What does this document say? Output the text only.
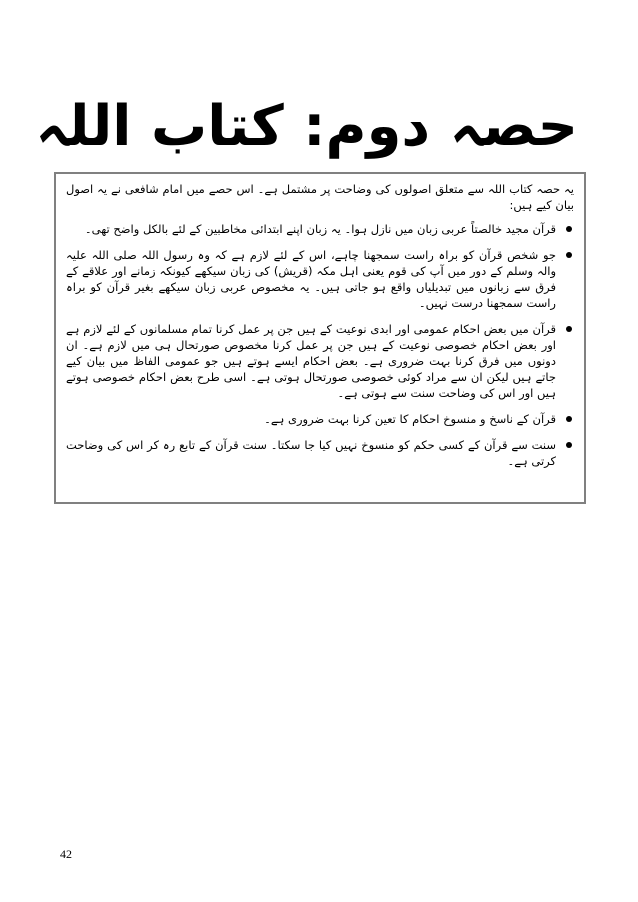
حصہ دوم: کتاب اللہ

یہ حصہ کتاب اللہ سے متعلق اصولوں کی وضاحت پر مشتمل ہے۔ اس حصے میں امام شافعی نے یہ اصول بیان کیے ہیں:

قرآن مجید خالصتاً عربی زبان میں نازل ہوا۔ یہ زبان اپنے ابتدائی مخاطبین کے لئے بالکل واضح تھی۔
جو شخص قرآن کو براہ راست سمجھنا چاہے، اس کے لئے لازم ہے کہ وہ رسول اللہ صلی اللہ علیہ والہ وسلم کے دور میں آپ کی قوم یعنی اہل مکہ (قریش) کی زبان سیکھے کیونکہ زمانے اور علاقے کے فرق سے زبانوں میں تبدیلیاں واقع ہو جاتی ہیں۔ یہ مخصوص عربی زبان سیکھے بغیر قرآن کو براہ راست سمجھنا درست نہیں۔
قرآن میں بعض احکام عمومی اور ابدی نوعیت کے ہیں جن پر عمل کرنا تمام مسلمانوں کے لئے لازم ہے اور بعض احکام خصوصی نوعیت کے ہیں جن پر عمل کرنا مخصوص صورتحال ہی میں لازم ہے۔ ان دونوں میں فرق کرنا بہت ضروری ہے۔ بعض احکام ایسے ہوتے ہیں جو عمومی الفاظ میں بیان کیے جاتے ہیں لیکن ان سے مراد کوئی خصوصی صورتحال ہوتی ہے۔ اسی طرح بعض احکام خصوصی ہوتے ہیں اور اس کی وضاحت سنت سے ہوتی ہے۔
قرآن کے ناسخ و منسوخ احکام کا تعین کرنا بہت ضروری ہے۔
سنت سے قرآن کے کسی حکم کو منسوخ نہیں کیا جا سکتا۔ سنت قرآن کے تابع رہ کر اس کی وضاحت کرتی ہے۔
42
